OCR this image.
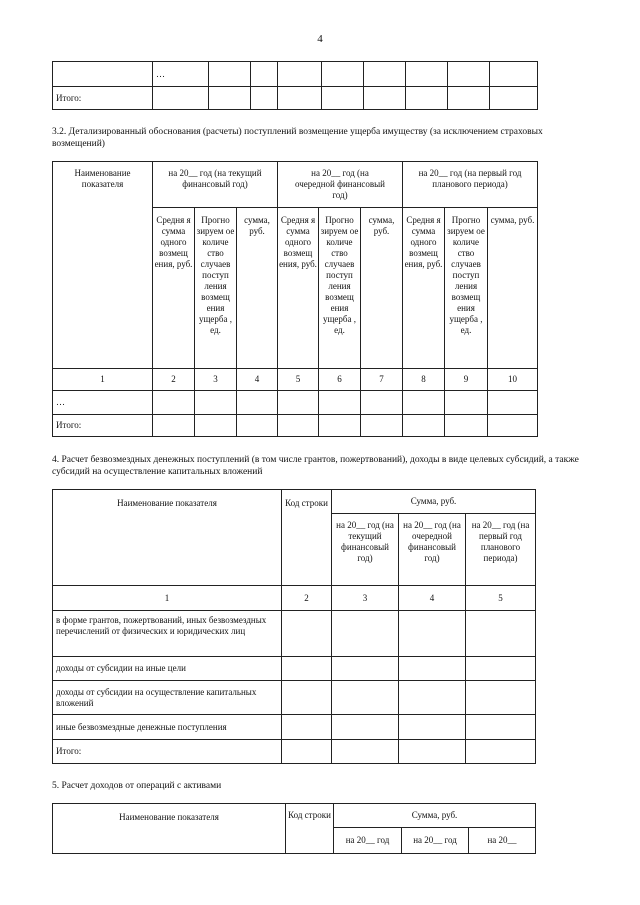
4
	…								
Итого:									
3.2. Детализированный обоснования (расчеты) поступлений возмещение ущерба имуществу (за исключением страховых возмещений)
Наименование показателя	на 20__ год (на текущий финансовый год)			на 20__ год (на очередной финансовый год)			на 20__ год (на первый год планового периода)		
	Средня я сумма одного возмещ ения, руб.	Прогно зируем ое количе ство случаев поступ ления возмещ ения ущерба , ед.	сумма, руб.	Средня я сумма одного возмещ ения, руб.	Прогно зируем ое количе ство случаев поступ ления возмещ ения ущерба , ед.	сумма, руб.	Средня я сумма одного возмещ ения, руб.	Прогно зируем ое количе ство случаев поступ ления возмещ ения ущерба , ед.	сумма, руб.
1	2	3	4	5	6	7	8	9	10
…									
Итого:									
4. Расчет безвозмездных денежных поступлений (в том числе грантов, пожертвований), доходы в виде целевых субсидий, а также субсидий на осуществление капитальных вложений
Наименование показателя	Код строки	Сумма, руб.		
		на 20__ год (на текущий финансовый год)	на 20__ год (на очередной финансовый год)	на 20__ год (на первый год планового периода)
1	2	3	4	5
в форме грантов, пожертвований, иных безвозмездных перечислений от физических и юридических лиц				
доходы от субсидии на иные цели				
доходы от субсидии на осуществление капитальных вложений				
иные безвозмездные денежные поступления				
Итого:				
5. Расчет доходов от операций с активами
Наименование показателя	Код строки	Сумма, руб.		
		на 20__ год	на 20__ год	на 20__
